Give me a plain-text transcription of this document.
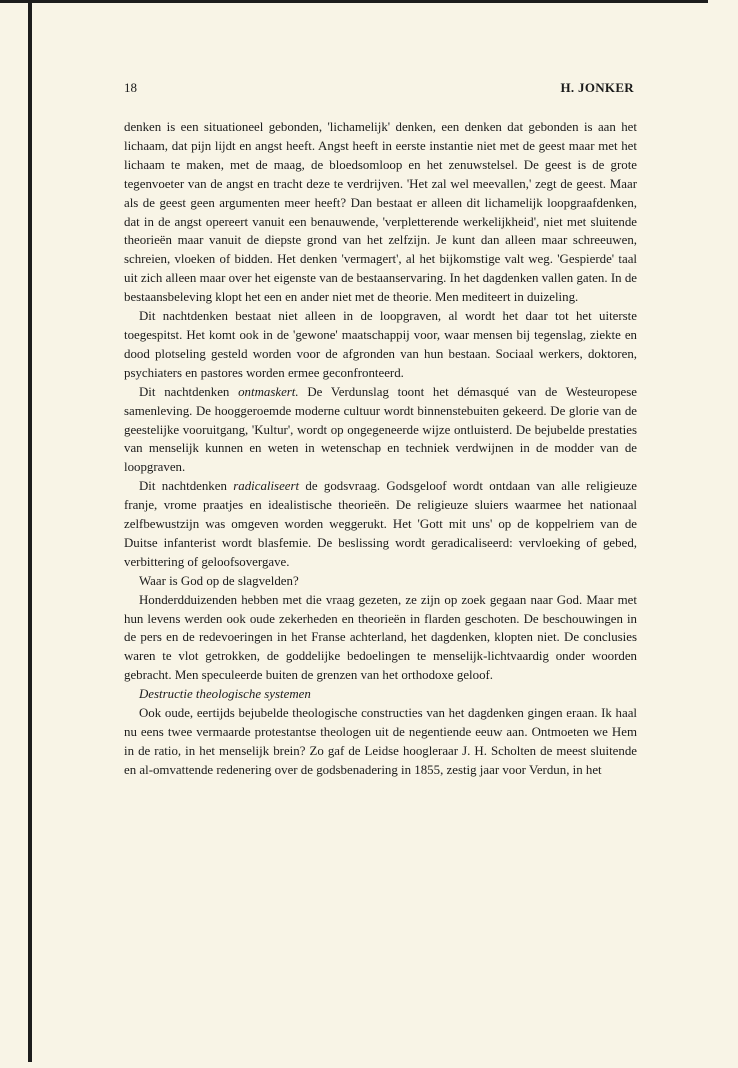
18	H. JONKER

denken is een situationeel gebonden, 'lichamelijk' denken, een denken dat gebonden is aan het lichaam, dat pijn lijdt en angst heeft. Angst heeft in eerste instantie niet met de geest maar met het lichaam te maken, met de maag, de bloedsomloop en het zenuwstelsel. De geest is de grote tegenvoeter van de angst en tracht deze te verdrijven. 'Het zal wel meevallen,' zegt de geest. Maar als de geest geen argumenten meer heeft? Dan bestaat er alleen dit lichamelijk loopgraafdenken, dat in de angst opereert vanuit een benauwende, 'verpletterende werkelijkheid', niet met sluitende theorieën maar vanuit de diepste grond van het zelfzijn. Je kunt dan alleen maar schreeuwen, schreien, vloeken of bidden. Het denken 'vermagert', al het bijkomstige valt weg. 'Gespierde' taal uit zich alleen maar over het eigenste van de bestaanservaring. In het dagdenken vallen gaten. In de bestaansbeleving klopt het een en ander niet met de theorie. Men mediteert in duizeling.

Dit nachtdenken bestaat niet alleen in de loopgraven, al wordt het daar tot het uiterste toegespitst. Het komt ook in de 'gewone' maatschappij voor, waar mensen bij tegenslag, ziekte en dood plotseling gesteld worden voor de afgronden van hun bestaan. Sociaal werkers, doktoren, psychiaters en pastores worden ermee geconfronteerd.

Dit nachtdenken ontmaskert. De Verdunslag toont het démasqué van de Westeuropese samenleving. De hooggeroemde moderne cultuur wordt binnenstebuiten gekeerd. De glorie van de geestelijke vooruitgang, 'Kultur', wordt op ongegeneerde wijze ontluisterd. De bejubelde prestaties van menselijk kunnen en weten in wetenschap en techniek verdwijnen in de modder van de loopgraven.

Dit nachtdenken radicaliseert de godsvraag. Godsgeloof wordt ontdaan van alle religieuze franje, vrome praatjes en idealistische theorieën. De religieuze sluiers waarmee het nationaal zelfbewustzijn was omgeven worden weggerukt. Het 'Gott mit uns' op de koppelriem van de Duitse infanterist wordt blasfemie. De beslissing wordt geradicaliseerd: vervloeking of gebed, verbittering of geloofsovergave.

Waar is God op de slagvelden?

Honderdduizenden hebben met die vraag gezeten, ze zijn op zoek gegaan naar God. Maar met hun levens werden ook oude zekerheden en theorieën in flarden geschoten. De beschouwingen in de pers en de redevoeringen in het Franse achterland, het dagdenken, klopten niet. De conclusies waren te vlot getrokken, de goddelijke bedoelingen te menselijk-lichtvaardig onder woorden gebracht. Men speculeerde buiten de grenzen van het orthodoxe geloof.

Destructie theologische systemen

Ook oude, eertijds bejubelde theologische constructies van het dagdenken gingen eraan. Ik haal nu eens twee vermaarde protestantse theologen uit de negentiende eeuw aan. Ontmoeten we Hem in de ratio, in het menselijk brein? Zo gaf de Leidse hoogleraar J. H. Scholten de meest sluitende en al-omvattende redenering over de godsbenadering in 1855, zestig jaar voor Verdun, in het
